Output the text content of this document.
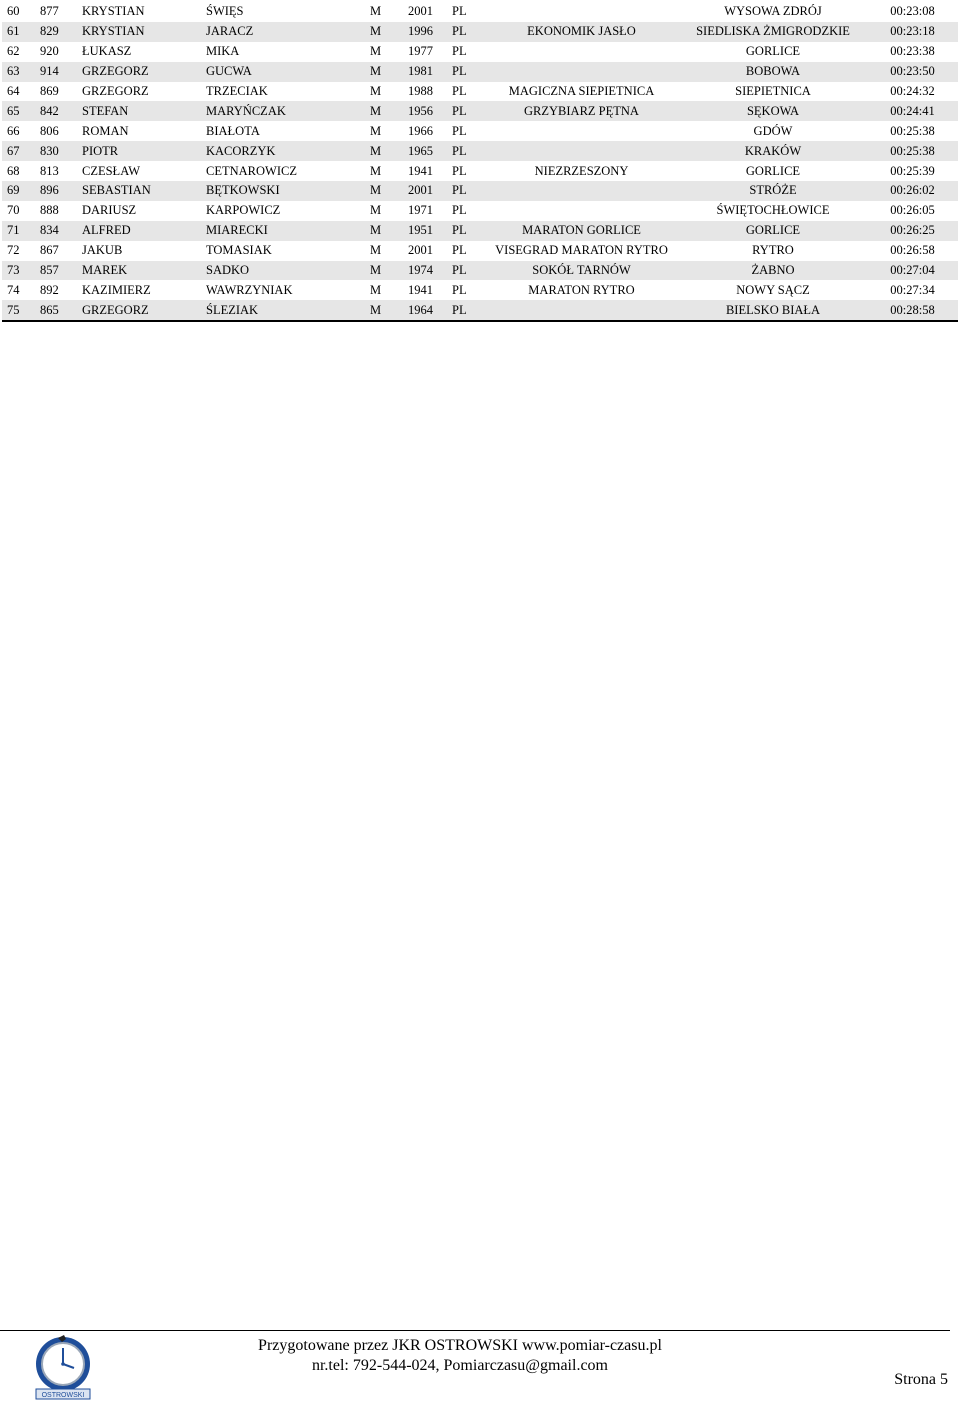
60	877	KRYSTIAN	ŚWIĘS	M	2001	PL		WYSOWA ZDRÓJ	00:23:08
61	829	KRYSTIAN	JARACZ	M	1996	PL	EKONOMIK JASŁO	SIEDLISKA ŻMIGRODZKIE	00:23:18
62	920	ŁUKASZ	MIKA	M	1977	PL		GORLICE	00:23:38
63	914	GRZEGORZ	GUCWA	M	1981	PL		BOBOWA	00:23:50
64	869	GRZEGORZ	TRZECIAK	M	1988	PL	MAGICZNA SIEPIETNICA	SIEPIETNICA	00:24:32
65	842	STEFAN	MARYŃCZAK	M	1956	PL	GRZYBIARZ PĘTNA	SĘKOWA	00:24:41
66	806	ROMAN	BIAŁOTA	M	1966	PL		GDÓW	00:25:38
67	830	PIOTR	KACORZYK	M	1965	PL		KRAKÓW	00:25:38
68	813	CZESŁAW	CETNAROWICZ	M	1941	PL	NIEZRZESZONY	GORLICE	00:25:39
69	896	SEBASTIAN	BĘTKOWSKI	M	2001	PL		STRÓŻE	00:26:02
70	888	DARIUSZ	KARPOWICZ	M	1971	PL		ŚWIĘTOCHŁOWICE	00:26:05
71	834	ALFRED	MIARECKI	M	1951	PL	MARATON GORLICE	GORLICE	00:26:25
72	867	JAKUB	TOMASIAK	M	2001	PL	VISEGRAD MARATON RYTRO	RYTRO	00:26:58
73	857	MAREK	SADKO	M	1974	PL	SOKÓŁ TARNÓW	ŻABNO	00:27:04
74	892	KAZIMIERZ	WAWRZYNIAK	M	1941	PL	MARATON RYTRO	NOWY SĄCZ	00:27:34
75	865	GRZEGORZ	ŚLEZIAK	M	1964	PL		BIELSKO BIAŁA	00:28:58
OSTROWSKI
Przygotowane przez JKR OSTROWSKI www.pomiar-czasu.pl
nr.tel: 792-544-024, Pomiarczasu@gmail.com
Strona 5
